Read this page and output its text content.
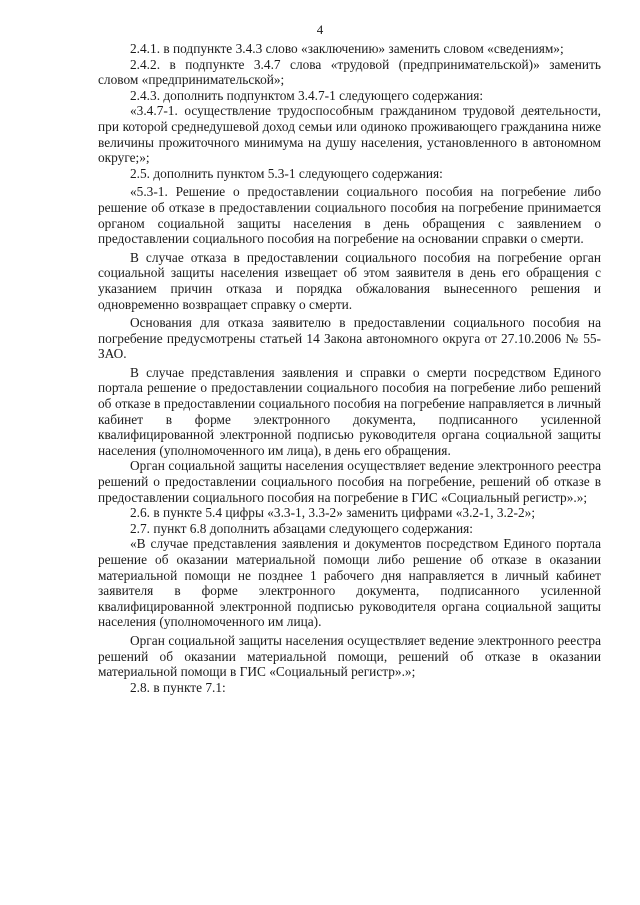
4

2.4.1. в подпункте 3.4.3 слово «заключению» заменить словом «сведениям»;

2.4.2. в подпункте 3.4.7 слова «трудовой (предпринимательской)» заменить словом «предпринимательской»;

2.4.3. дополнить подпунктом 3.4.7-1 следующего содержания:

«3.4.7-1. осуществление трудоспособным гражданином трудовой деятельности, при которой среднедушевой доход семьи или одиноко проживающего гражданина ниже величины прожиточного минимума на душу населения, установленного в автономном округе;»;

2.5. дополнить пунктом 5.3-1 следующего содержания:

«5.3-1. Решение о предоставлении социального пособия на погребение либо решение об отказе в предоставлении социального пособия на погребение принимается органом социальной защиты населения в день обращения с заявлением о предоставлении социального пособия на погребение на основании справки о смерти.

В случае отказа в предоставлении социального пособия на погребение орган социальной защиты населения извещает об этом заявителя в день его обращения с указанием причин отказа и порядка обжалования вынесенного решения и одновременно возвращает справку о смерти.

Основания для отказа заявителю в предоставлении социального пособия на погребение предусмотрены статьей 14 Закона автономного округа от 27.10.2006 № 55-ЗАО.

В случае представления заявления и справки о смерти посредством Единого портала решение о предоставлении социального пособия на погребение либо решений об отказе в предоставлении социального пособия на погребение направляется в личный кабинет в форме электронного документа, подписанного усиленной квалифицированной электронной подписью руководителя органа социальной защиты населения (уполномоченного им лица), в день его обращения.

Орган социальной защиты населения осуществляет ведение электронного реестра решений о предоставлении социального пособия на погребение, решений об отказе в предоставлении социального пособия на погребение в ГИС «Социальный регистр».»;

2.6. в пункте 5.4 цифры «3.3-1, 3.3-2» заменить цифрами «3.2-1, 3.2-2»;

2.7. пункт 6.8 дополнить абзацами следующего содержания:

«В случае представления заявления и документов посредством Единого портала решение об оказании материальной помощи либо решение об отказе в оказании материальной помощи не позднее 1 рабочего дня направляется в личный кабинет заявителя в форме электронного документа, подписанного усиленной квалифицированной электронной подписью руководителя органа социальной защиты населения (уполномоченного им лица).

Орган социальной защиты населения осуществляет ведение электронного реестра решений об оказании материальной помощи, решений об отказе в оказании материальной помощи в ГИС «Социальный регистр».»;

2.8. в пункте 7.1:
